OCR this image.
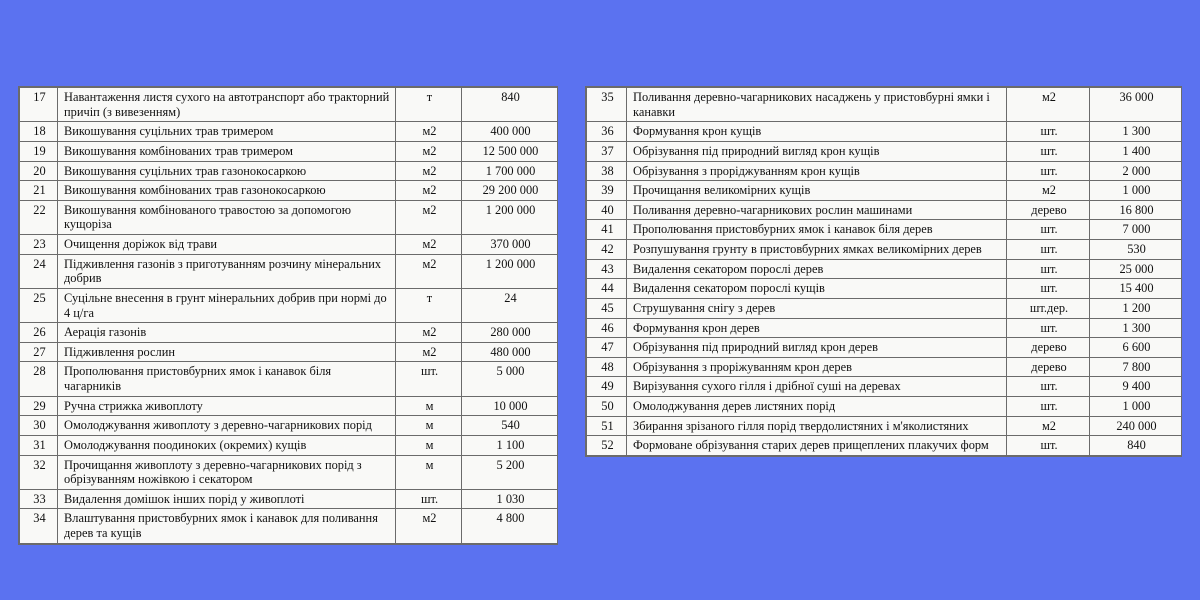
17	Навантаження листя сухого на автотранспорт або тракторний причіп (з вивезенням)	т	840
18	Викошування суцільних трав тримером	м2	400 000
19	Викошування комбінованих трав тримером	м2	12 500 000
20	Викошування суцільних трав газонокосаркою	м2	1 700 000
21	Викошування комбінованих трав газонокосаркою	м2	29 200 000
22	Викошування комбінованого травостою за допомогою кущоріза	м2	1 200 000
23	Очищення доріжок від трави	м2	370 000
24	Підживлення газонів з приготуванням розчину мінеральних добрив	м2	1 200 000
25	Суцільне внесення в грунт мінеральних добрив при нормі до 4 ц/га	т	24
26	Аерація газонів	м2	280 000
27	Підживлення рослин	м2	480 000
28	Прополювання пристовбурних ямок і канавок біля чагарників	шт.	5 000
29	Ручна стрижка живоплоту	м	10 000
30	Омолоджування живоплоту з деревно-чагарникових порід	м	540
31	Омолоджування поодиноких (окремих) кущів	м	1 100
32	Прочищання живоплоту з деревно-чагарникових порід з обрізуванням ножівкою і секатором	м	5 200
33	Видалення домішок інших порід у живоплоті	шт.	1 030
34	Влаштування пристовбурних ямок і канавок для поливання дерев та кущів	м2	4 800
35	Поливання деревно-чагарникових насаджень у пристовбурні ямки і канавки	м2	36 000
36	Формування крон кущів	шт.	1 300
37	Обрізування під природний вигляд крон кущів	шт.	1 400
38	Обрізування з проріджуванням крон кущів	шт.	2 000
39	Прочищання великомірних кущів	м2	1 000
40	Поливання деревно-чагарникових рослин машинами	дерево	16 800
41	Прополювання пристовбурних ямок і канавок біля дерев	шт.	7 000
42	Розпушування грунту в пристовбурних ямках великомірних дерев	шт.	530
43	Видалення секатором порослі дерев	шт.	25 000
44	Видалення секатором порослі кущів	шт.	15 400
45	Струшування снігу з дерев	шт.дер.	1 200
46	Формування крон дерев	шт.	1 300
47	Обрізування під природний вигляд крон дерев	дерево	6 600
48	Обрізування з проріжуванням крон дерев	дерево	7 800
49	Вирізування сухого гілля і дрібної суші на деревах	шт.	9 400
50	Омолоджування дерев листяних порід	шт.	1 000
51	Збирання зрізаного гілля порід твердолистяних і м'яколистяних	м2	240 000
52	Формоване обрізування старих дерев прищеплених плакучих форм	шт.	840
